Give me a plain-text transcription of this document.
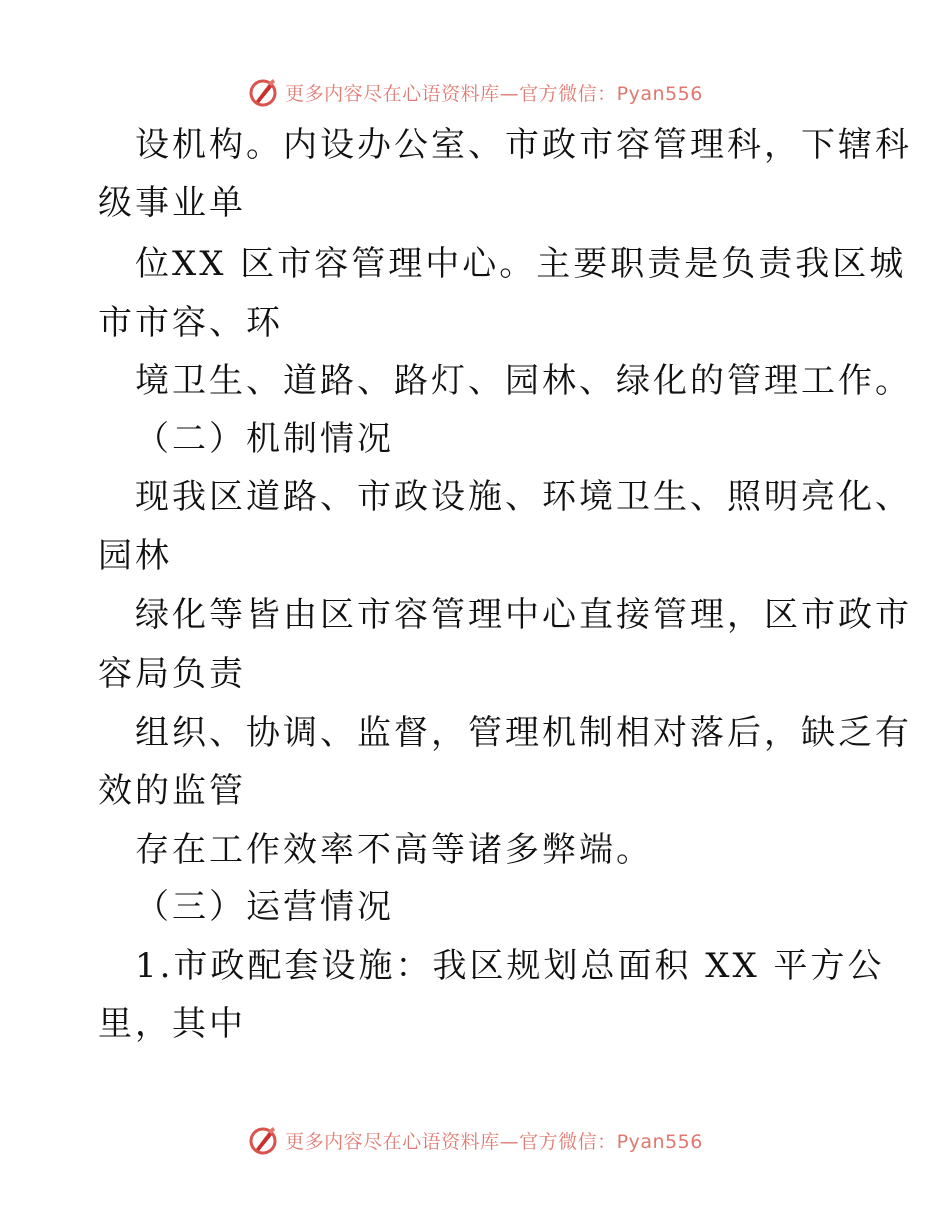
更多内容尽在心语资料库—官方微信：Pyan556
设机构。内设办公室、市政市容管理科，下辖科
级事业单
位XX 区市容管理中心。主要职责是负责我区城
市市容、环
境卫生、道路、路灯、园林、绿化的管理工作。
（二）机制情况
现我区道路、市政设施、环境卫生、照明亮化、
园林
绿化等皆由区市容管理中心直接管理，区市政市
容局负责
组织、协调、监督，管理机制相对落后，缺乏有
效的监管
存在工作效率不高等诸多弊端。
（三）运营情况
1.市政配套设施：我区规划总面积 XX 平方公
里，其中
更多内容尽在心语资料库—官方微信：Pyan556
